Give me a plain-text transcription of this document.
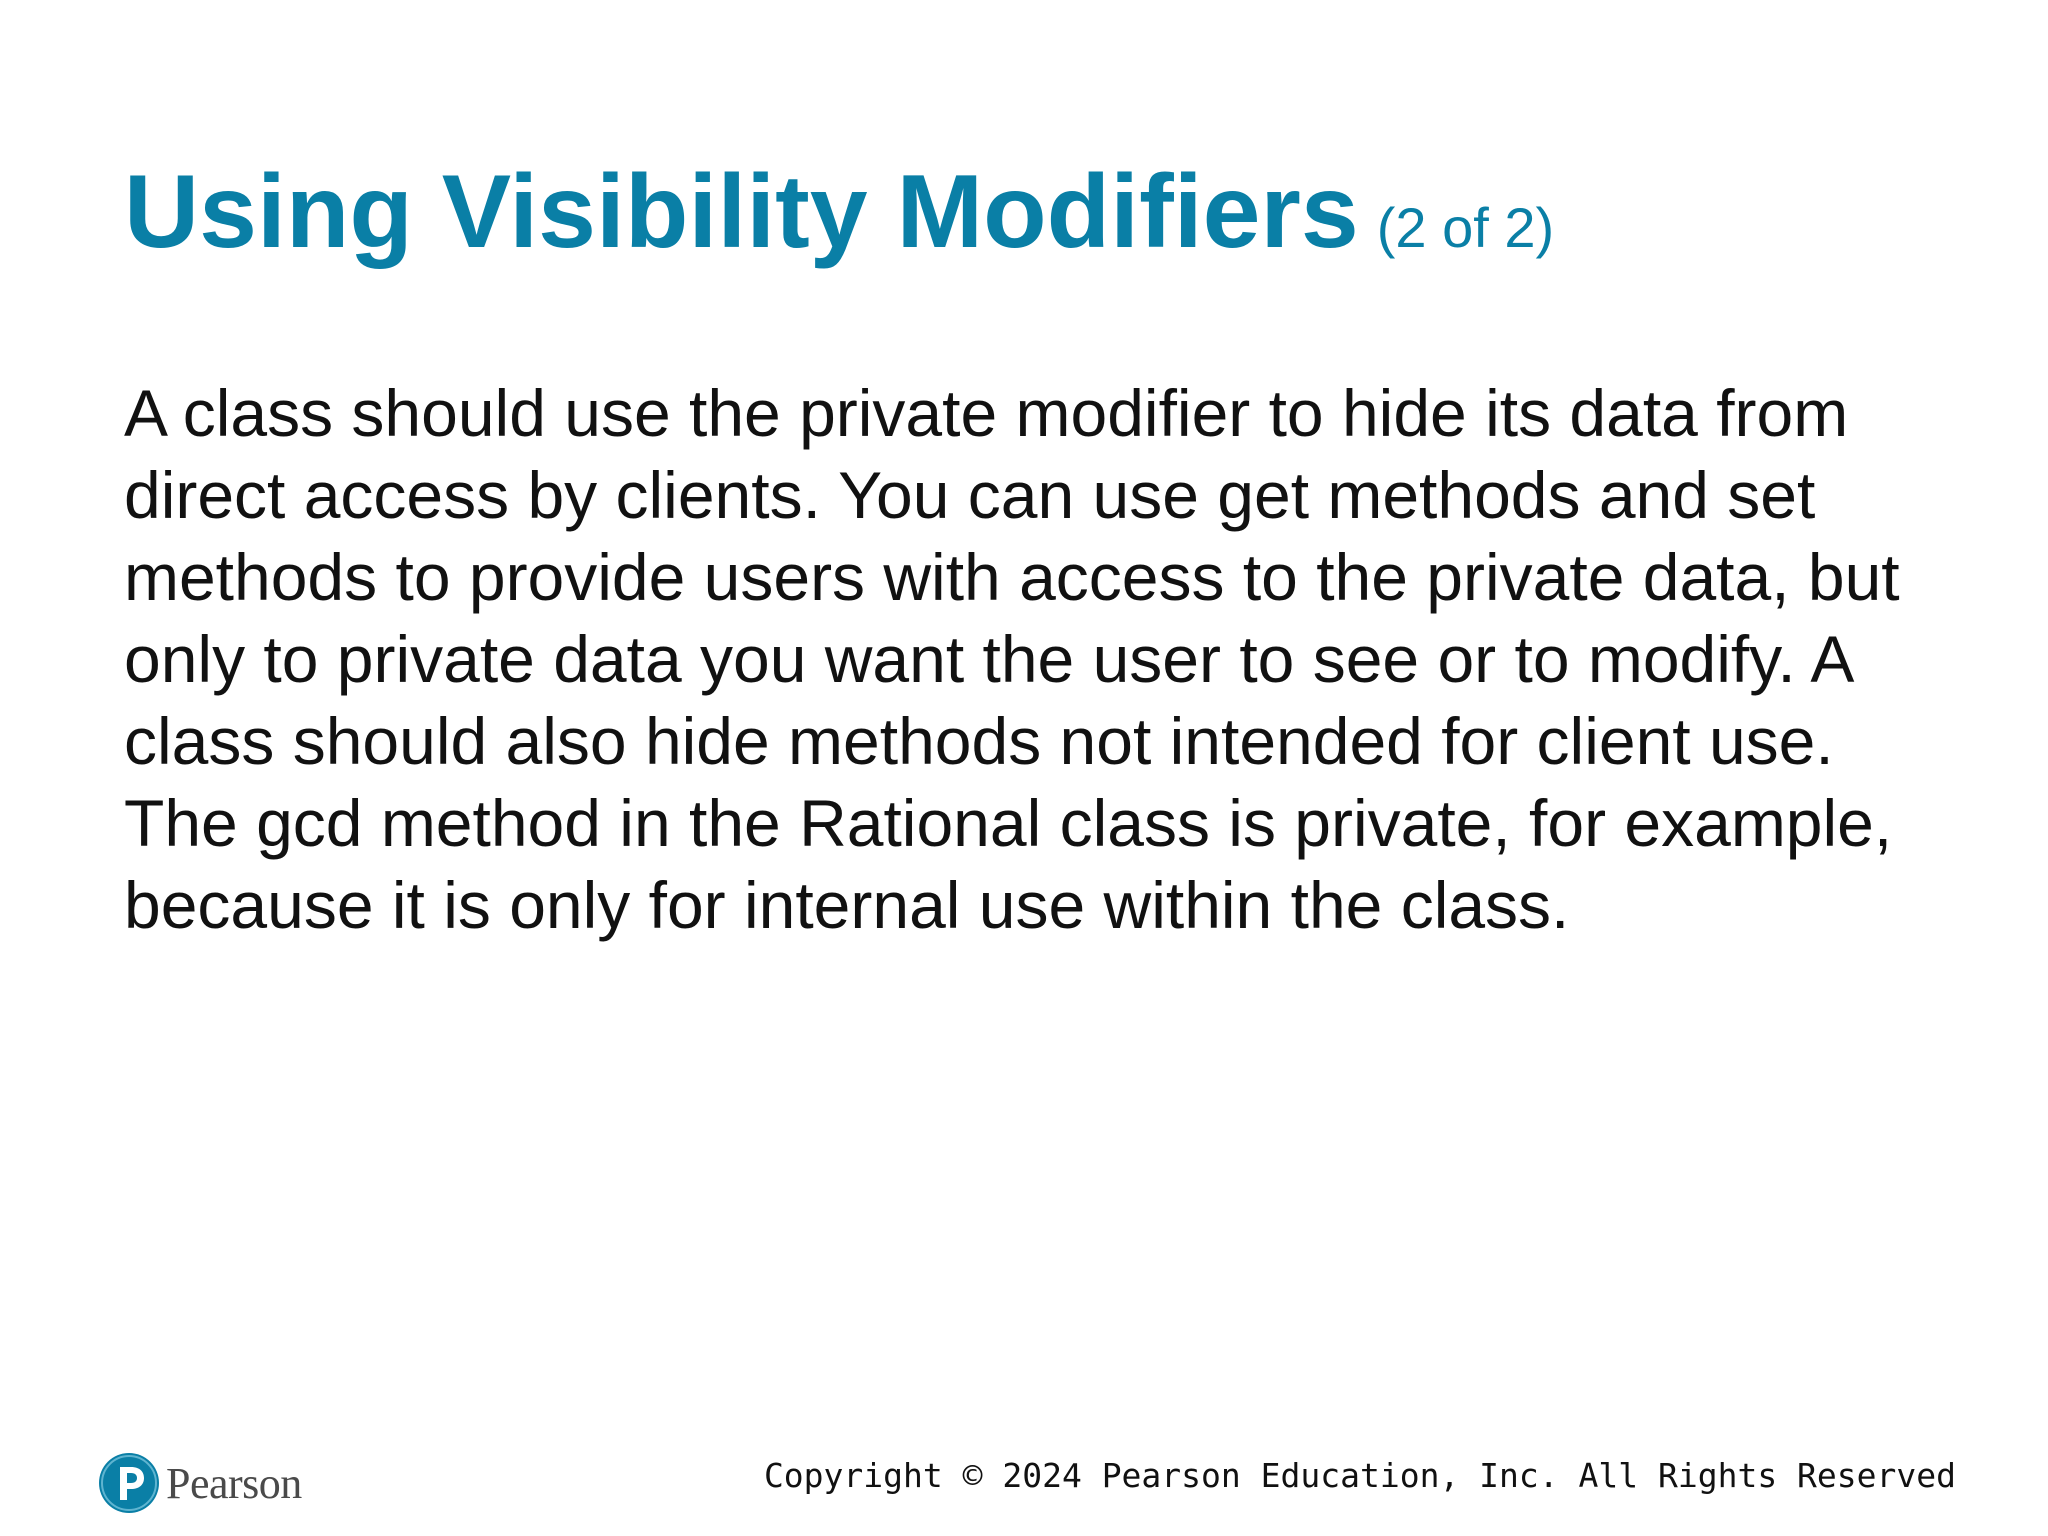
Using Visibility Modifiers (2 of 2)

A class should use the private modifier to hide its data from direct access by clients. You can use get methods and set methods to provide users with access to the private data, but only to private data you want the user to see or to modify. A class should also hide methods not intended for client use. The gcd method in the Rational class is private, for example, because it is only for internal use within the class.

Pearson	Copyright © 2024 Pearson Education, Inc. All Rights Reserved
